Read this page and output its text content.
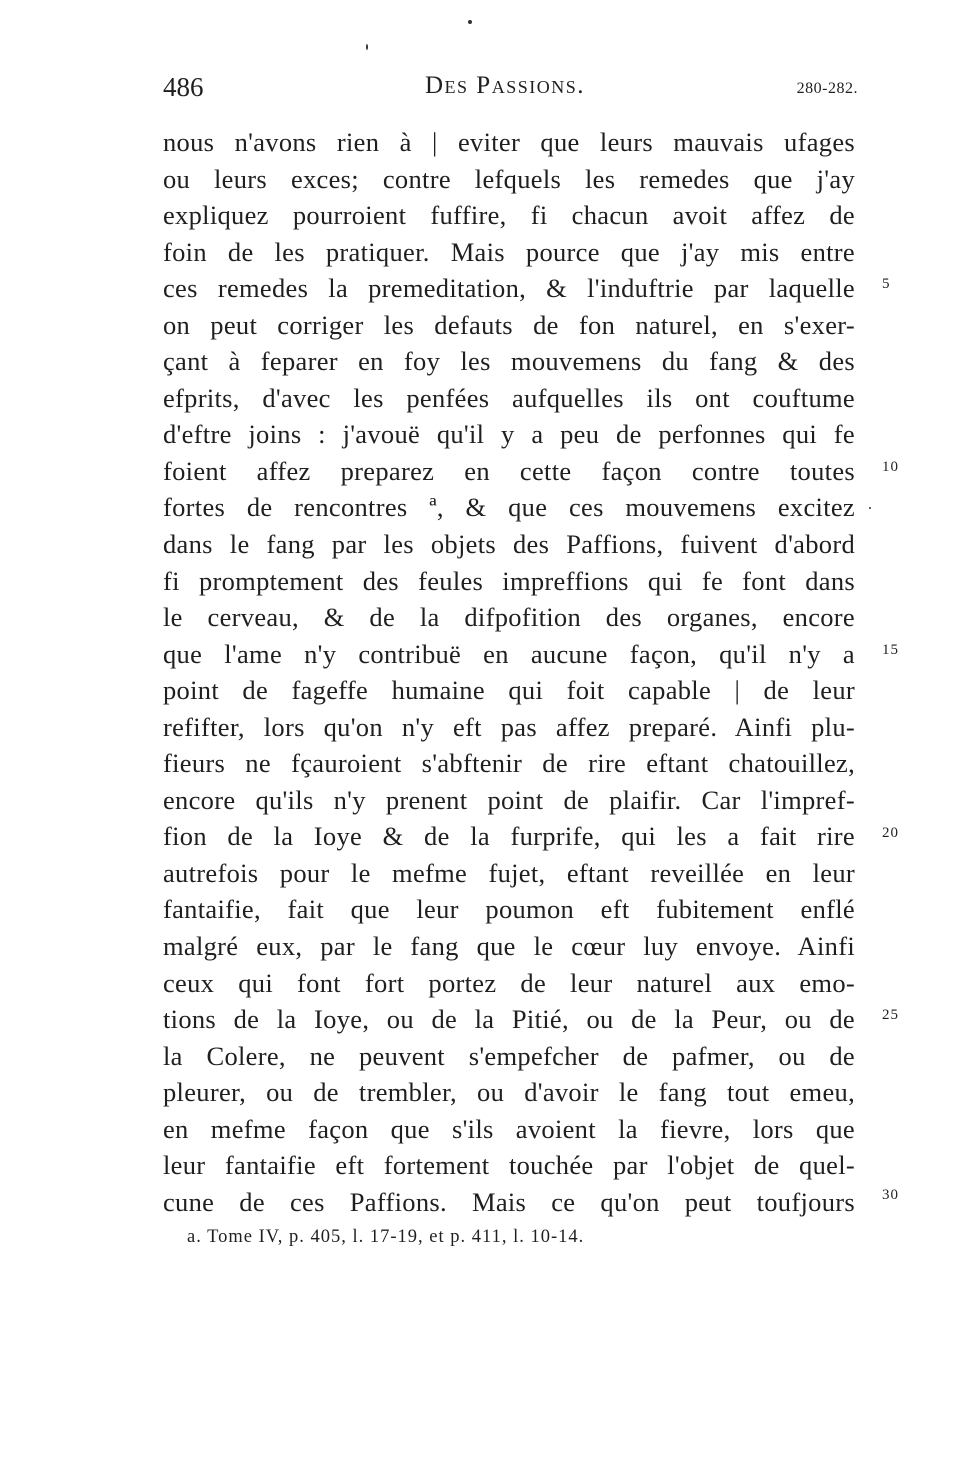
486	Des Passions.	280-282.
nous n'avons rien à | eviter que leurs mauvais ufages
ou leurs exces; contre lefquels les remedes que j'ay
expliquez pourroient fuffire, fi chacun avoit affez de
foin de les pratiquer. Mais pource que j'ay mis entre
ces remedes la premeditation, & l'induftrie par laquelle
on peut corriger les defauts de fon naturel, en s'exer-
çant à feparer en foy les mouvemens du fang & des
efprits, d'avec les penfées aufquelles ils ont couftume
d'eftre joins : j'avouë qu'il y a peu de perfonnes qui fe
foient affez preparez en cette façon contre toutes
fortes de rencontres ª, & que ces mouvemens excitez
dans le fang par les objets des Paffions, fuivent d'abord
fi promptement des feules impreffions qui fe font dans
le cerveau, & de la difpofition des organes, encore
que l'ame n'y contribuë en aucune façon, qu'il n'y a
point de fageffe humaine qui foit capable | de leur
refifter, lors qu'on n'y eft pas affez preparé. Ainfi plu-
fieurs ne fçauroient s'abftenir de rire eftant chatouillez,
encore qu'ils n'y prenent point de plaifir. Car l'impref-
fion de la Ioye & de la furprife, qui les a fait rire
autrefois pour le mefme fujet, eftant reveillée en leur
fantaifie, fait que leur poumon eft fubitement enflé
malgré eux, par le fang que le cœur luy envoye. Ainfi
ceux qui font fort portez de leur naturel aux emo-
tions de la Ioye, ou de la Pitié, ou de la Peur, ou de
la Colere, ne peuvent s'empefcher de pafmer, ou de
pleurer, ou de trembler, ou d'avoir le fang tout emeu,
en mefme façon que s'ils avoient la fievre, lors que
leur fantaifie eft fortement touchée par l'objet de quel-
cune de ces Paffions. Mais ce qu'on peut toufjours
5
10
15
20
25
30
a. Tome IV, p. 405, l. 17-19, et p. 411, l. 10-14.
